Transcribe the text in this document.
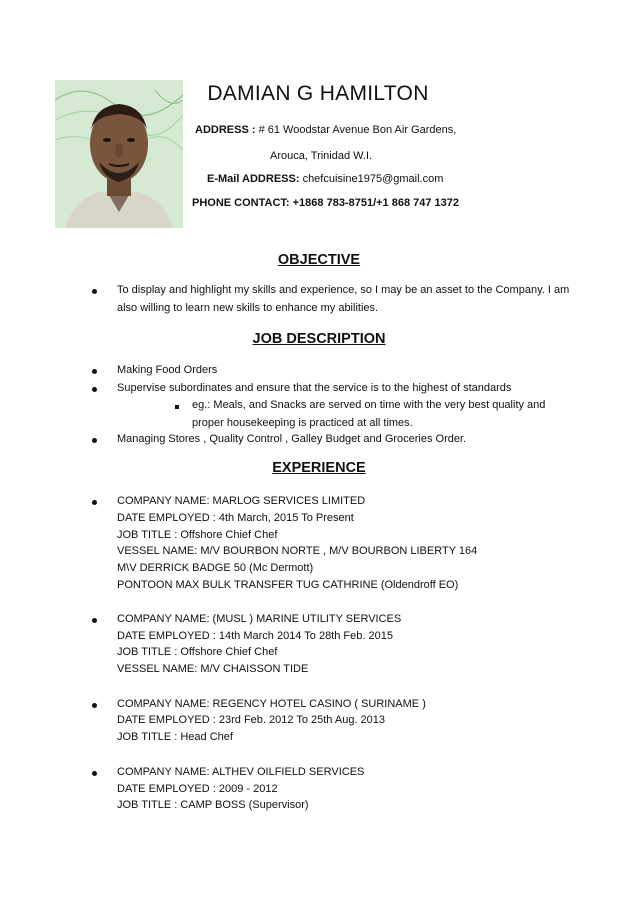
DAMIAN G HAMILTON
ADDRESS : # 61 Woodstar Avenue Bon Air Gardens,
Arouca, Trinidad W.I.
E-Mail ADDRESS: chefcuisine1975@gmail.com
PHONE CONTACT: +1868 783-8751/+1 868 747 1372
OBJECTIVE
To display and highlight my skills and experience, so I may be an asset to the Company. I am
also willing to learn new skills to enhance my abilities.
JOB DESCRIPTION
Making Food Orders
Supervise subordinates and ensure that the service is to the highest of standards
eg.: Meals, and Snacks are served on time with the very best quality and
proper housekeeping is practiced at all times.
Managing Stores , Quality Control , Galley Budget and Groceries Order.
EXPERIENCE
COMPANY NAME: MARLOG SERVICES LIMITED
DATE EMPLOYED : 4th March, 2015 To Present
JOB TITLE : Offshore Chief Chef
VESSEL NAME: M/V BOURBON NORTE , M/V BOURBON LIBERTY 164
M\V DERRICK BADGE 50 (Mc Dermott)
PONTOON MAX BULK TRANSFER TUG CATHRINE (Oldendroff EO)
COMPANY NAME: (MUSL ) MARINE UTILITY SERVICES
DATE EMPLOYED : 14th March 2014 To 28th Feb. 2015
JOB TITLE : Offshore Chief Chef
VESSEL NAME: M/V CHAISSON TIDE
COMPANY NAME: REGENCY HOTEL CASINO ( SURINAME )
DATE EMPLOYED : 23rd Feb. 2012 To 25th Aug. 2013
JOB TITLE : Head Chef
COMPANY NAME: ALTHEV OILFIELD SERVICES
DATE EMPLOYED : 2009 - 2012
JOB TITLE : CAMP BOSS (Supervisor)
